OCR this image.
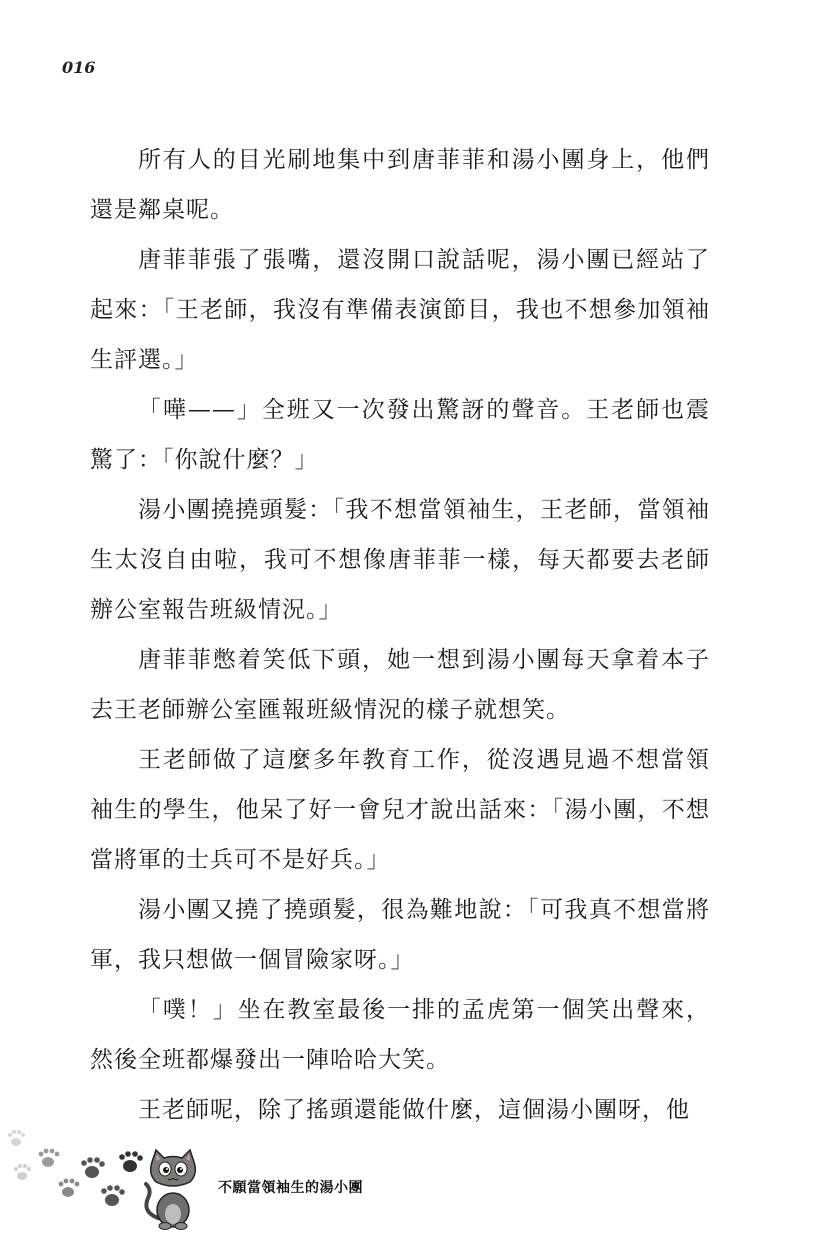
016

所有人的目光刷地集中到唐菲菲和湯小團身上，他們還是鄰桌呢。

唐菲菲張了張嘴，還沒開口說話呢，湯小團已經站了起來：「王老師，我沒有準備表演節目，我也不想參加領袖生評選。」

「嘩——」全班又一次發出驚訝的聲音。王老師也震驚了：「你說什麼？」

湯小團撓撓頭髮：「我不想當領袖生，王老師，當領袖生太沒自由啦，我可不想像唐菲菲一樣，每天都要去老師辦公室報告班級情況。」

唐菲菲憋着笑低下頭，她一想到湯小團每天拿着本子去王老師辦公室匯報班級情況的樣子就想笑。

王老師做了這麼多年教育工作，從沒遇見過不想當領袖生的學生，他呆了好一會兒才說出話來：「湯小團，不想當將軍的士兵可不是好兵。」

湯小團又撓了撓頭髮，很為難地說：「可我真不想當將軍，我只想做一個冒險家呀。」

「噗！」坐在教室最後一排的孟虎第一個笑出聲來，然後全班都爆發出一陣哈哈大笑。

王老師呢，除了搖頭還能做什麼，這個湯小團呀，他

不願當領袖生的湯小團
